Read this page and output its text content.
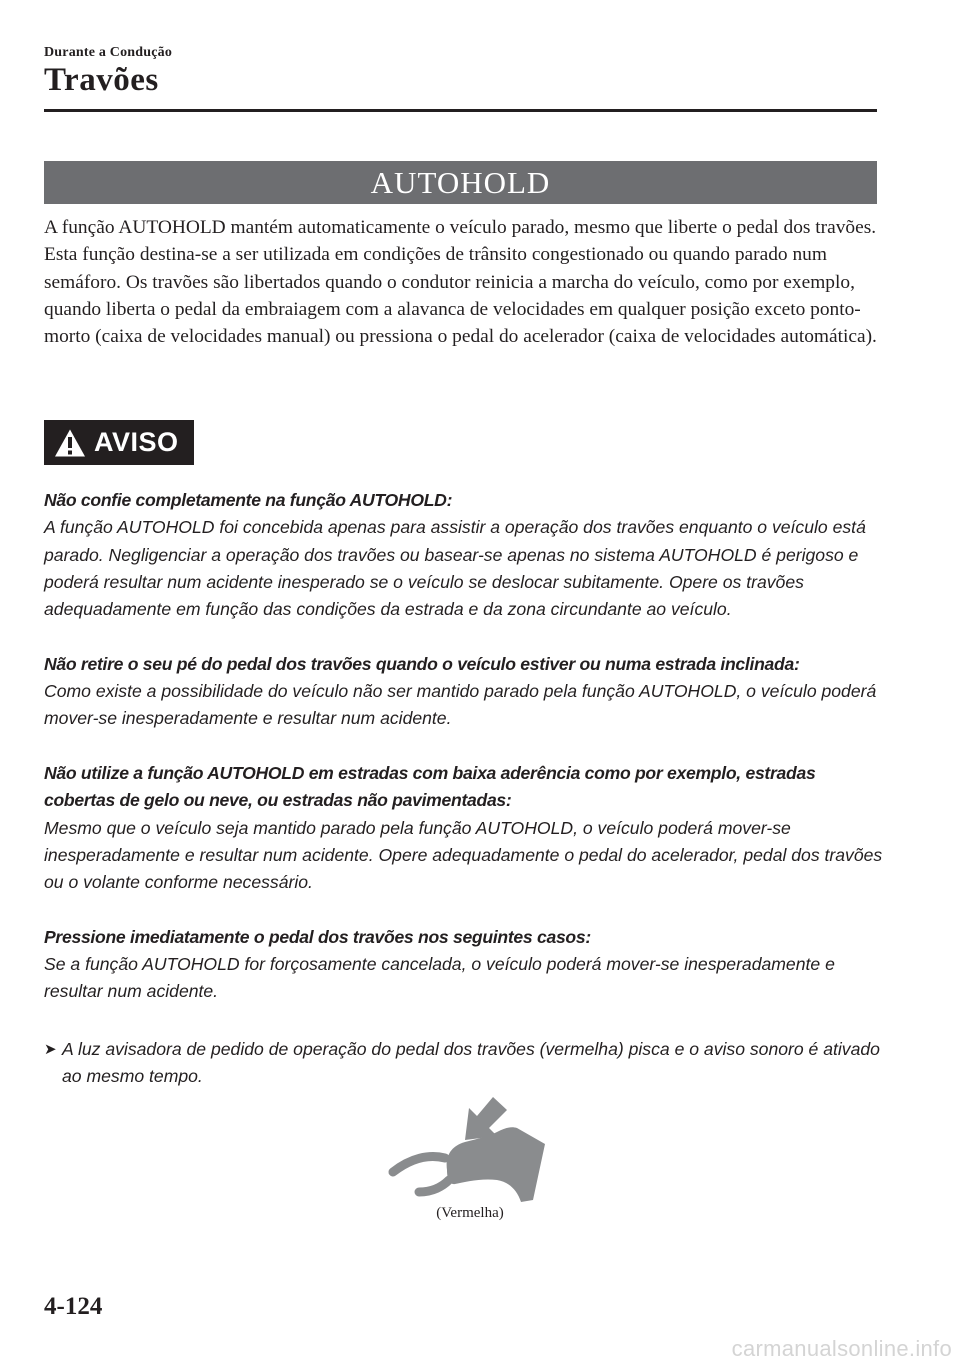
Durante a Condução
Travões
AUTOHOLD

A função AUTOHOLD mantém automaticamente o veículo parado, mesmo que liberte o pedal dos travões. Esta função destina-se a ser utilizada em condições de trânsito congestionado ou quando parado num semáforo. Os travões são libertados quando o condutor reinicia a marcha do veículo, como por exemplo, quando liberta o pedal da embraiagem com a alavanca de velocidades em qualquer posição exceto ponto-morto (caixa de velocidades manual) ou pressiona o pedal do acelerador (caixa de velocidades automática).

AVISO
Não confie completamente na função AUTOHOLD:
A função AUTOHOLD foi concebida apenas para assistir a operação dos travões enquanto o veículo está parado. Negligenciar a operação dos travões ou basear-se apenas no sistema AUTOHOLD é perigoso e poderá resultar num acidente inesperado se o veículo se deslocar subitamente. Opere os travões adequadamente em função das condições da estrada e da zona circundante ao veículo.
Não retire o seu pé do pedal dos travões quando o veículo estiver ou numa estrada inclinada:
Como existe a possibilidade do veículo não ser mantido parado pela função AUTOHOLD, o veículo poderá mover-se inesperadamente e resultar num acidente.
Não utilize a função AUTOHOLD em estradas com baixa aderência como por exemplo, estradas cobertas de gelo ou neve, ou estradas não pavimentadas:
Mesmo que o veículo seja mantido parado pela função AUTOHOLD, o veículo poderá mover-se inesperadamente e resultar num acidente. Opere adequadamente o pedal do acelerador, pedal dos travões ou o volante conforme necessário.
Pressione imediatamente o pedal dos travões nos seguintes casos:
Se a função AUTOHOLD for forçosamente cancelada, o veículo poderá mover-se inesperadamente e resultar num acidente.
➤ A luz avisadora de pedido de operação do pedal dos travões (vermelha) pisca e o aviso sonoro é ativado ao mesmo tempo.
(Vermelha)
4-124
carmanualsonline.info
